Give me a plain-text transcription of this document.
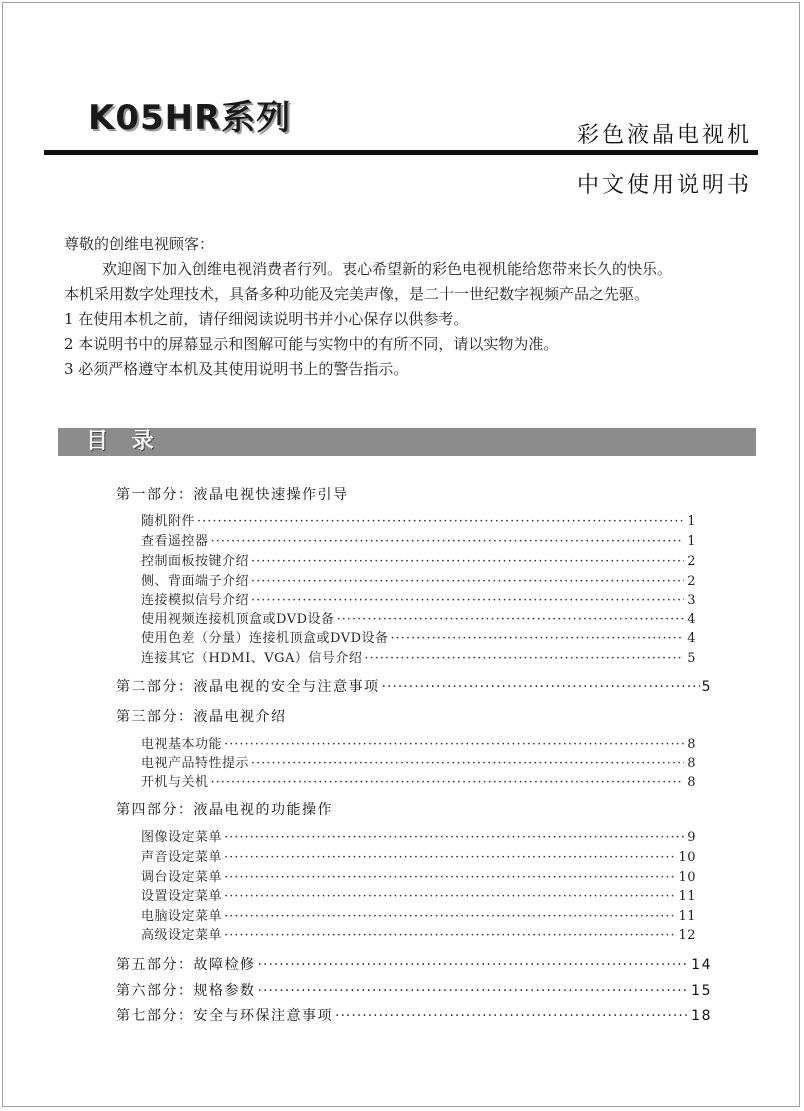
K05HR系列	彩色液晶电视机
中文使用说明书

尊敬的创维电视顾客：

欢迎阁下加入创维电视消费者行列。衷心希望新的彩色电视机能给您带来长久的快乐。

本机采用数字处理技术，具备多种功能及完美声像，是二十一世纪数字视频产品之先驱。

1 在使用本机之前，请仔细阅读说明书并小心保存以供参考。

2 本说明书中的屏幕显示和图解可能与实物中的有所不同，请以实物为准。

3 必须严格遵守本机及其使用说明书上的警告指示。

目 录
第一部分：液晶电视快速操作引导
随机附件 ·····	1
查看遥控器 ·····	1
控制面板按键介绍 ·····	2
侧、背面端子介绍 ·····	2
连接模拟信号介绍 ·····	3
使用视频连接机顶盒或DVD设备 ·····	4
使用色差（分量）连接机顶盒或DVD设备 ·····	4
连接其它（HDMI、VGA）信号介绍 ·····	5
第二部分：液晶电视的安全与注意事项 ·····	5
第三部分：液晶电视介绍
电视基本功能 ·····	8
电视产品特性提示 ·····	8
开机与关机 ·····	8
第四部分：液晶电视的功能操作
图像设定菜单 ·····	9
声音设定菜单 ·····	10
调台设定菜单 ·····	10
设置设定菜单 ·····	11
电脑设定菜单 ·····	11
高级设定菜单 ·····	12
第五部分：故障检修 ·····	14
第六部分：规格参数 ·····	15
第七部分：安全与环保注意事项 ·····	18
